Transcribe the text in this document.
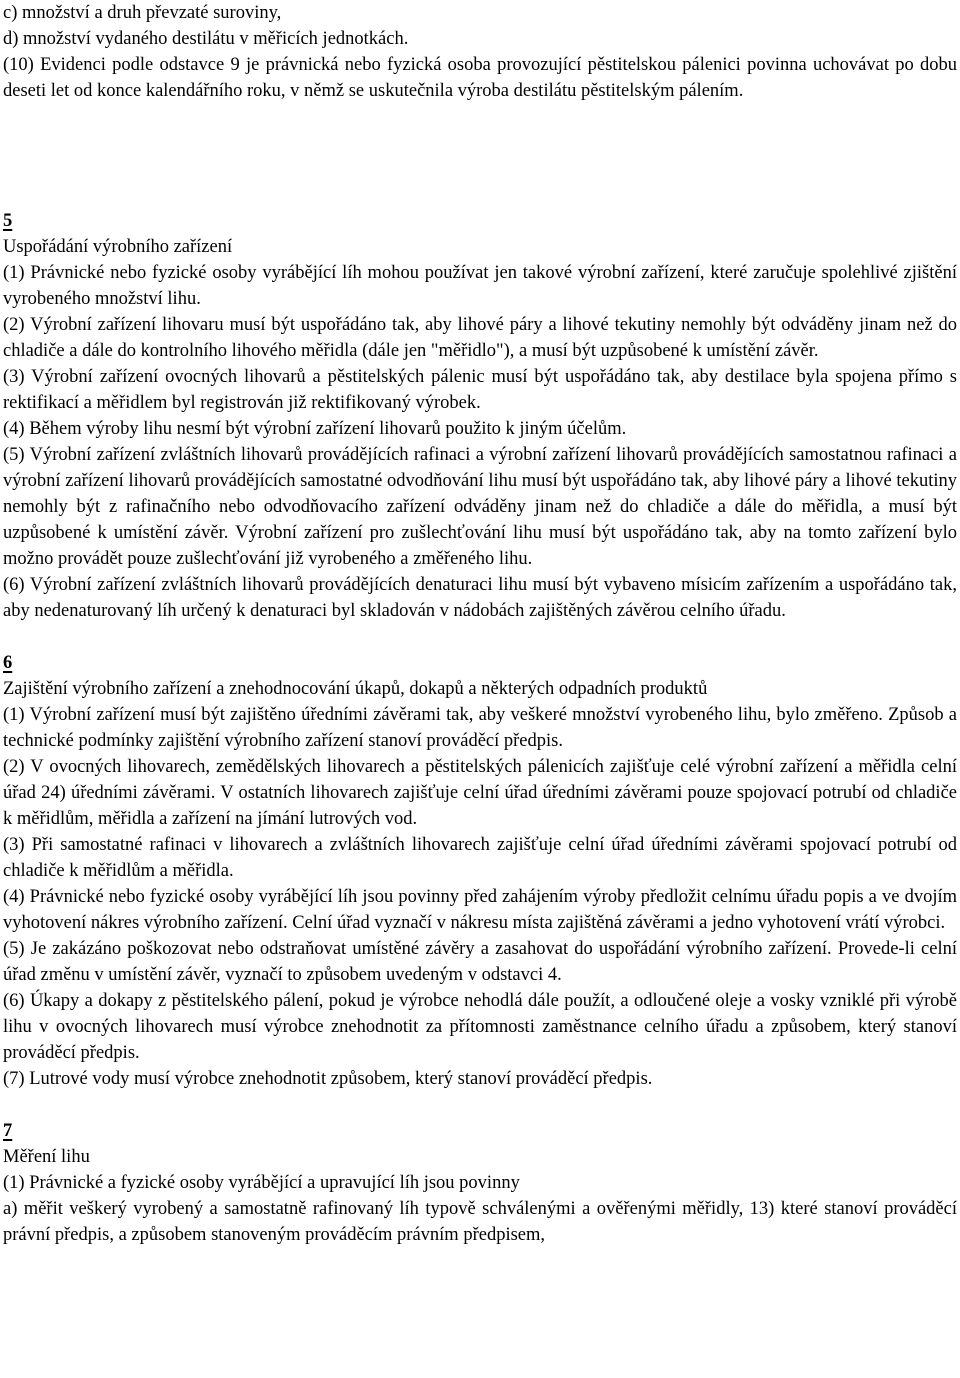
c) množství a druh převzaté suroviny,

d) množství vydaného destilátu v měřicích jednotkách.

(10) Evidenci podle odstavce 9 je právnická nebo fyzická osoba provozující pěstitelskou pálenici povinna uchovávat po dobu deseti let od konce kalendářního roku, v němž se uskutečnila výroba destilátu pěstitelským pálením.

5

Uspořádání výrobního zařízení

(1) Právnické nebo fyzické osoby vyrábějící líh mohou používat jen takové výrobní zařízení, které zaručuje spolehlivé zjištění vyrobeného množství lihu.

(2) Výrobní zařízení lihovaru musí být uspořádáno tak, aby lihové páry a lihové tekutiny nemohly být odváděny jinam než do chladiče a dále do kontrolního lihového měřidla (dále jen "měřidlo"), a musí být uzpůsobené k umístění závěr.

(3) Výrobní zařízení ovocných lihovarů a pěstitelských pálenic musí být uspořádáno tak, aby destilace byla spojena přímo s rektifikací a měřidlem byl registrován již rektifikovaný výrobek.

(4) Během výroby lihu nesmí být výrobní zařízení lihovarů použito k jiným účelům.

(5) Výrobní zařízení zvláštních lihovarů provádějících rafinaci a výrobní zařízení lihovarů provádějících samostatnou rafinaci a výrobní zařízení lihovarů provádějících samostatné odvodňování lihu musí být uspořádáno tak, aby lihové páry a lihové tekutiny nemohly být z rafinačního nebo odvodňovacího zařízení odváděny jinam než do chladiče a dále do měřidla, a musí být uzpůsobené k umístění závěr. Výrobní zařízení pro zušlechťování lihu musí být uspořádáno tak, aby na tomto zařízení bylo možno provádět pouze zušlechťování již vyrobeného a změřeného lihu.

(6) Výrobní zařízení zvláštních lihovarů provádějících denaturaci lihu musí být vybaveno mísicím zařízením a uspořádáno tak, aby nedenaturovaný líh určený k denaturaci byl skladován v nádobách zajištěných závěrou celního úřadu.

6

Zajištění výrobního zařízení a znehodnocování úkapů, dokapů a některých odpadních produktů

(1) Výrobní zařízení musí být zajištěno úředními závěrami tak, aby veškeré množství vyrobeného lihu, bylo změřeno. Způsob a technické podmínky zajištění výrobního zařízení stanoví prováděcí předpis.

(2) V ovocných lihovarech, zemědělských lihovarech a pěstitelských pálenicích zajišťuje celé výrobní zařízení a měřidla celní úřad 24) úředními závěrami. V ostatních lihovarech zajišťuje celní úřad úředními závěrami pouze spojovací potrubí od chladiče k měřidlům, měřidla a zařízení na jímání lutrových vod.

(3) Při samostatné rafinaci v lihovarech a zvláštních lihovarech zajišťuje celní úřad úředními závěrami spojovací potrubí od chladiče k měřidlům a měřidla.

(4) Právnické nebo fyzické osoby vyrábějící líh jsou povinny před zahájením výroby předložit celnímu úřadu popis a ve dvojím vyhotovení nákres výrobního zařízení. Celní úřad vyznačí v nákresu místa zajištěná závěrami a jedno vyhotovení vrátí výrobci.

(5) Je zakázáno poškozovat nebo odstraňovat umístěné závěry a zasahovat do uspořádání výrobního zařízení. Provede-li celní úřad změnu v umístění závěr, vyznačí to způsobem uvedeným v odstavci 4.

(6) Úkapy a dokapy z pěstitelského pálení, pokud je výrobce nehodlá dále použít, a odloučené oleje a vosky vzniklé při výrobě lihu v ovocných lihovarech musí výrobce znehodnotit za přítomnosti zaměstnance celního úřadu a způsobem, který stanoví prováděcí předpis.

(7) Lutrové vody musí výrobce znehodnotit způsobem, který stanoví prováděcí předpis.

7

Měření lihu

(1) Právnické a fyzické osoby vyrábějící a upravující líh jsou povinny

a) měřit veškerý vyrobený a samostatně rafinovaný líh typově schválenými a ověřenými měřidly, 13) které stanoví prováděcí právní předpis, a způsobem stanoveným prováděcím právním předpisem,
